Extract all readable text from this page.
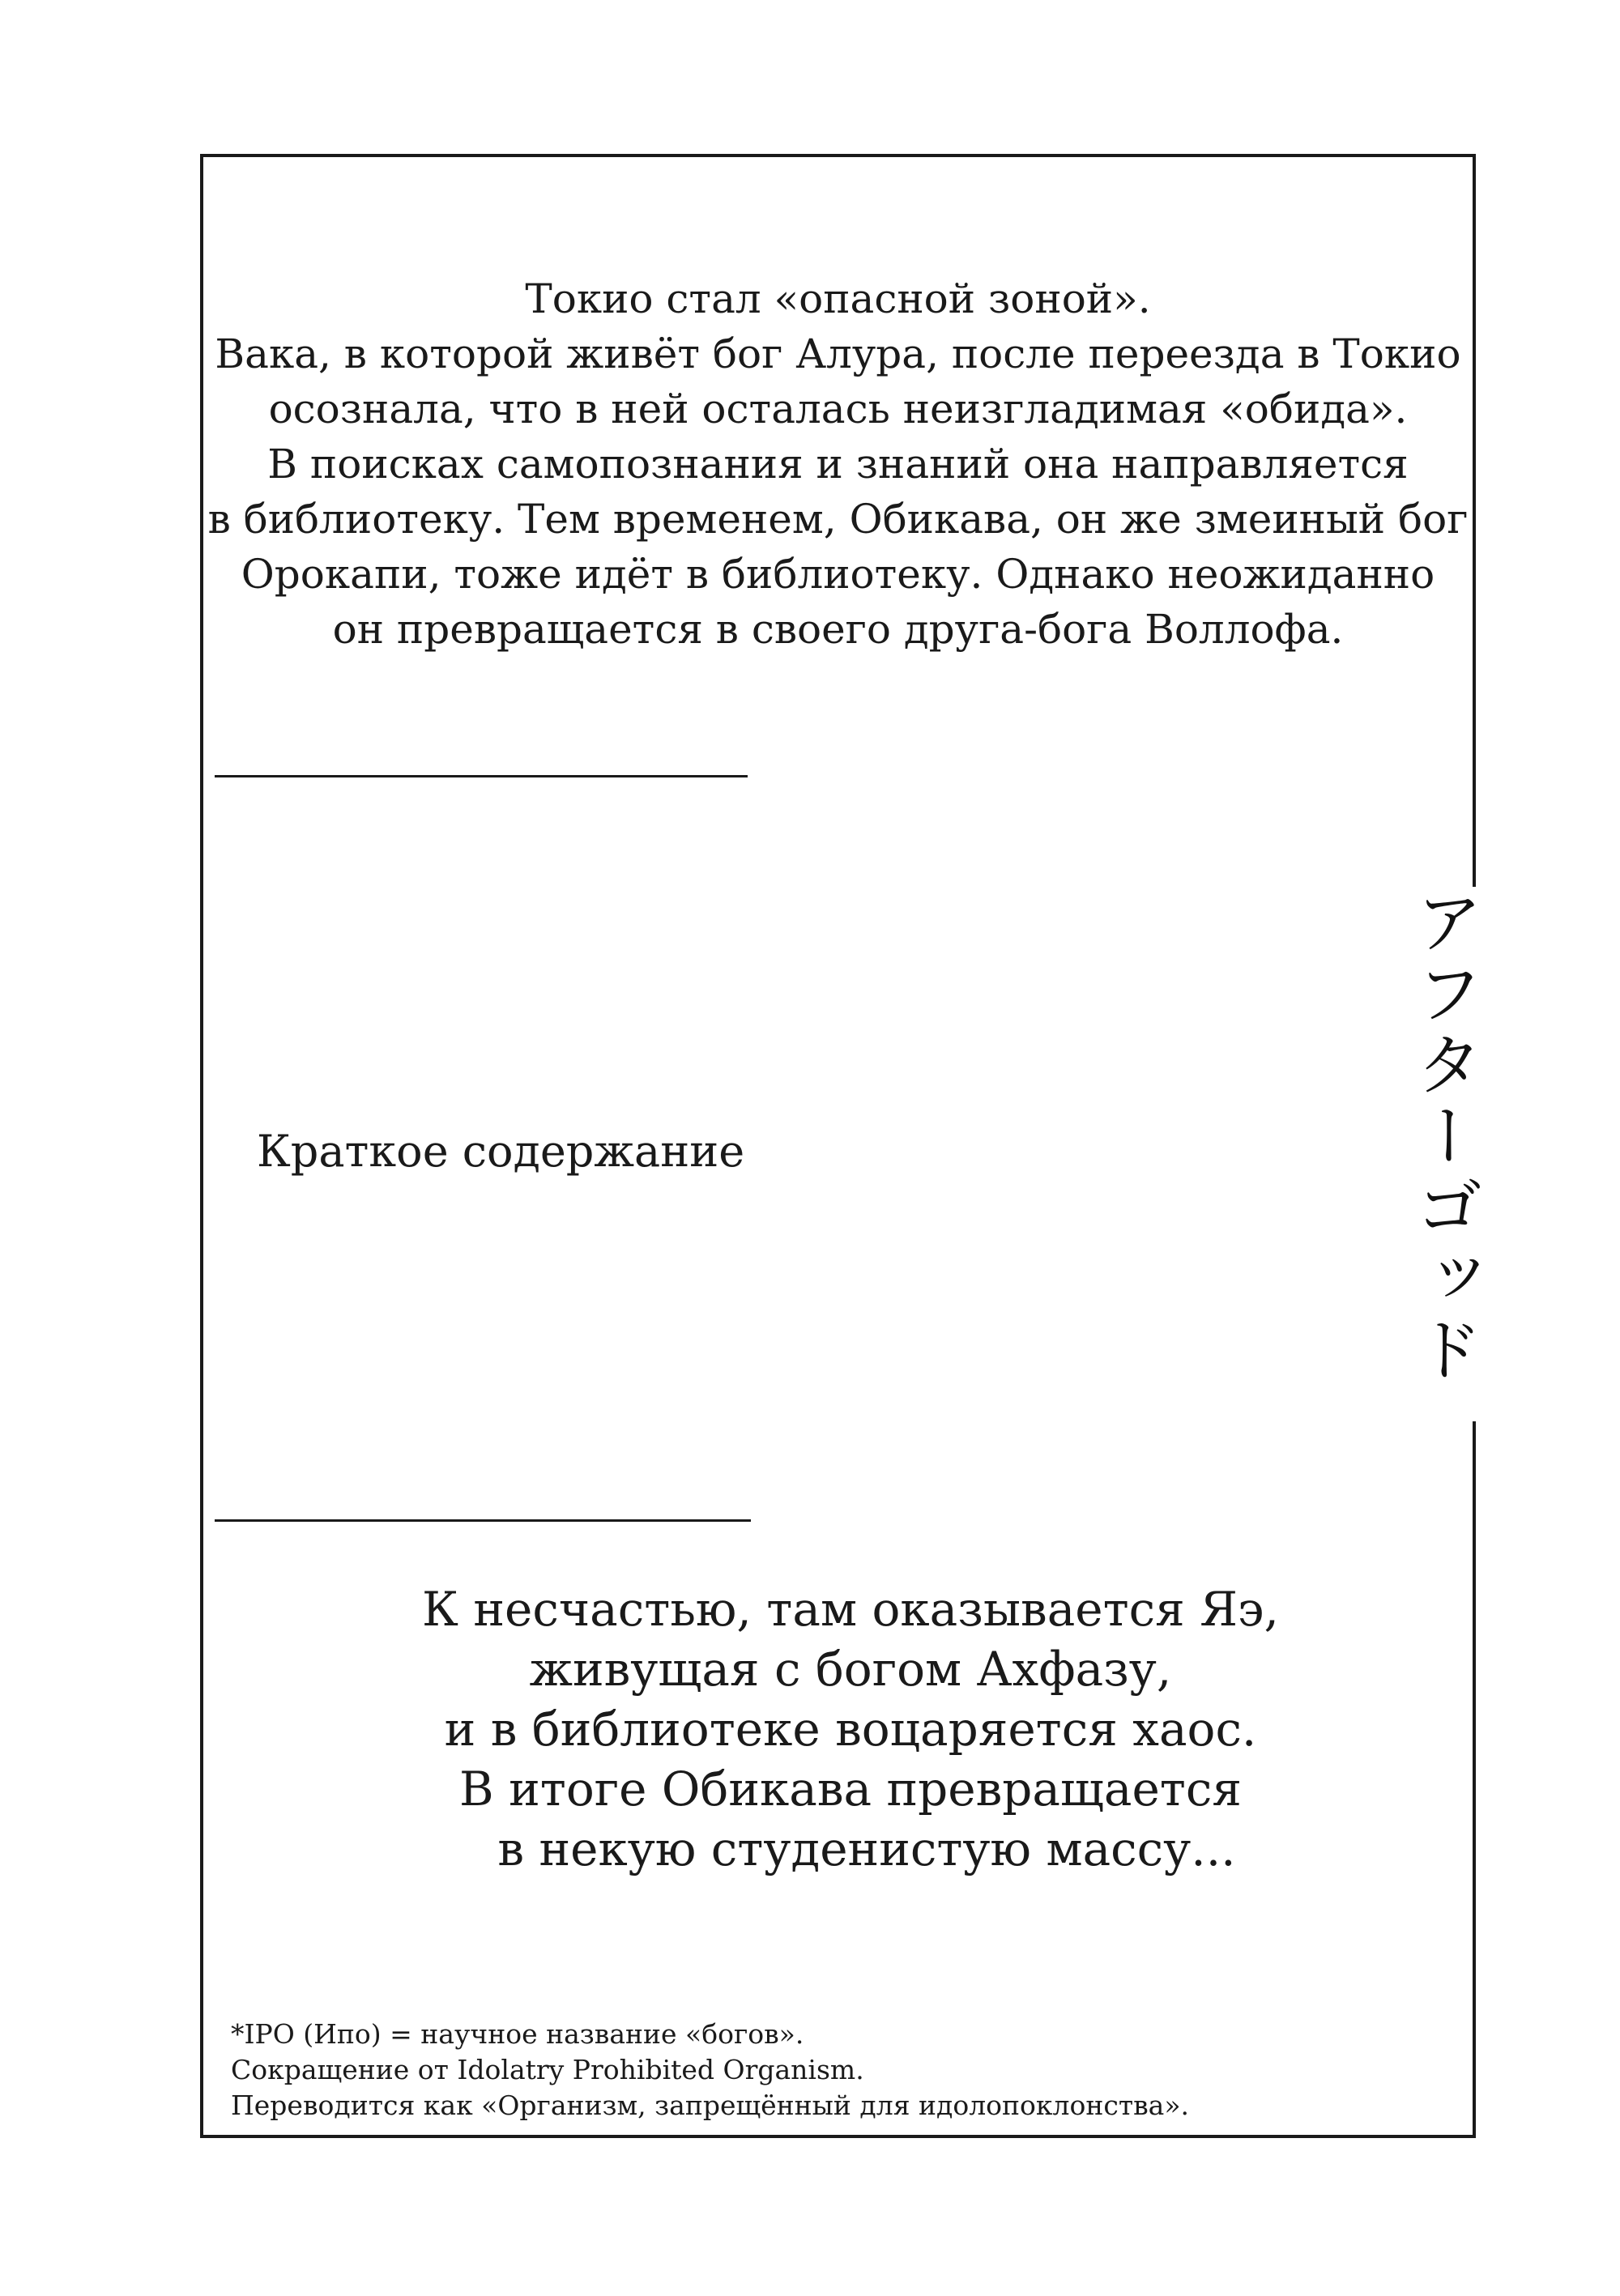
Токио стал «опасной зоной».
Вака, в которой живёт бог Алура, после переезда в Токио
осознала, что в ней осталась неизгладимая «обида».
В поисках самопознания и знаний она направляется
в библиотеку. Тем временем, Обикава, он же змеиный бог
Орокапи, тоже идёт в библиотеку. Однако неожиданно
он превращается в своего друга-бога Воллофа.
Краткое содержание	アフターゴッド
К несчастью, там оказывается Яэ,
живущая с богом Ахфазу,
и в библиотеке воцаряется хаос.
В итоге Обикава превращается
в некую студенистую массу...
*IPO (Ипо) = научное название «богов».
Сокращение от Idolatry Prohibited Organism.
Переводится как «Организм, запрещённый для идолопоклонства».
